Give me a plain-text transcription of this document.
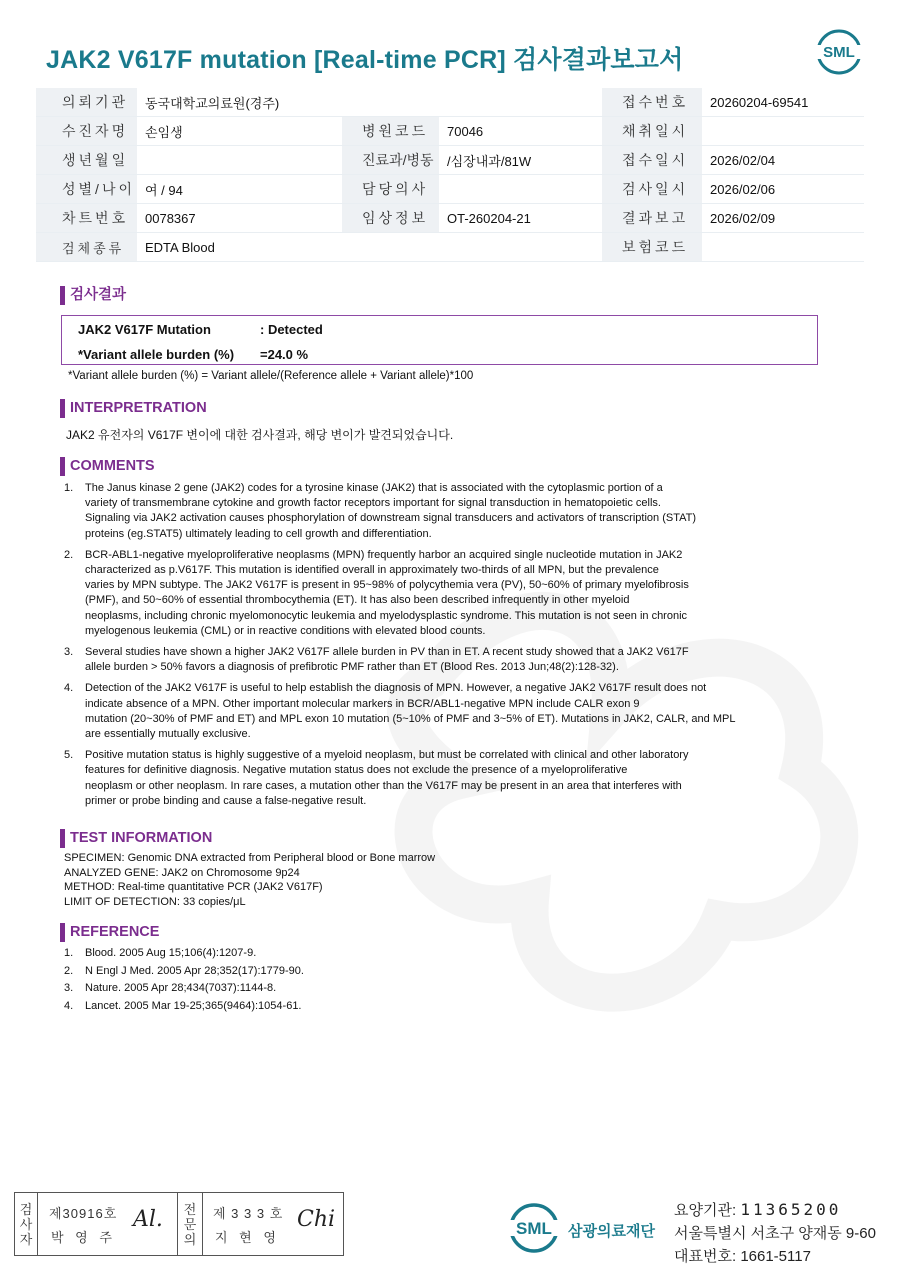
JAK2 V617F mutation [Real-time PCR] 검사결과보고서	SML
의뢰기관	동국대학교의료원(경주)			접수번호	20260204-69541
수진자명	손임생	병원코드	70046	채취일시	
생년월일		진료과/병동	/심장내과/81W	접수일시	2026/02/04
성별/나이	여 / 94	담당의사		검사일시	2026/02/06
차트번호	0078367	임상정보	OT-260204-21	결과보고	2026/02/09
검체종류	EDTA Blood			보험코드	
검사결과
JAK2 V617F Mutation	: Detected
*Variant allele burden (%) =24.0 %
*Variant allele burden (%) = Variant allele/(Reference allele + Variant allele)*100
INTERPRETRATION
JAK2 유전자의 V617F 변이에 대한 검사결과, 해당 변이가 발견되었습니다.
COMMENTS
1. The Janus kinase 2 gene (JAK2) codes for a tyrosine kinase (JAK2) that is associated with the cytoplasmic portion of a
variety of transmembrane cytokine and growth factor receptors important for signal transduction in hematopoietic cells.
Signaling via JAK2 activation causes phosphorylation of downstream signal transducers and activators of transcription (STAT)
proteins (eg.STAT5) ultimately leading to cell growth and differentiation.
2. BCR-ABL1-negative myeloproliferative neoplasms (MPN) frequently harbor an acquired single nucleotide mutation in JAK2
characterized as p.V617F. This mutation is identified overall in approximately two-thirds of all MPN, but the prevalence
varies by MPN subtype. The JAK2 V617F is present in 95~98% of polycythemia vera (PV), 50~60% of primary myelofibrosis
(PMF), and 50~60% of essential thrombocythemia (ET). It has also been described infrequently in other myeloid
neoplasms, including chronic myelomonocytic leukemia and myelodysplastic syndrome. This mutation is not seen in chronic
myelogenous leukemia (CML) or in reactive conditions with elevated blood counts.
3. Several studies have shown a higher JAK2 V617F allele burden in PV than in ET. A recent study showed that a JAK2 V617F
allele burden > 50% favors a diagnosis of prefibrotic PMF rather than ET (Blood Res. 2013 Jun;48(2):128-32).
4. Detection of the JAK2 V617F is useful to help establish the diagnosis of MPN. However, a negative JAK2 V617F result does not
indicate absence of a MPN. Other important molecular markers in BCR/ABL1-negative MPN include CALR exon 9
mutation (20~30% of PMF and ET) and MPL exon 10 mutation (5~10% of PMF and 3~5% of ET). Mutations in JAK2, CALR, and MPL
are essentially mutually exclusive.
5. Positive mutation status is highly suggestive of a myeloid neoplasm, but must be correlated with clinical and other laboratory
features for definitive diagnosis. Negative mutation status does not exclude the presence of a myeloproliferative
neoplasm or other neoplasm. In rare cases, a mutation other than the V617F may be present in an area that interferes with
primer or probe binding and cause a false-negative result.
TEST INFORMATION
SPECIMEN: Genomic DNA extracted from Peripheral blood or Bone marrow
ANALYZED GENE: JAK2 on Chromosome 9p24
METHOD: Real-time quantitative PCR (JAK2 V617F)
LIMIT OF DETECTION: 33 copies/μL
REFERENCE
1. Blood. 2005 Aug 15;106(4):1207-9.
2. N Engl J Med. 2005 Apr 28;352(17):1779-90.
3. Nature. 2005 Apr 28;434(7037):1144-8.
4. Lancet. 2005 Mar 19-25;365(9464):1054-61.
검
사
자
제30916호
박 영 주
Al. 전
문
의
제 3 3 3 호
지 현 영
Chi	SML 삼광의료재단
요양기관: 11365200
서울특별시 서초구 양재동 9-60
대표번호: 1661-5117
